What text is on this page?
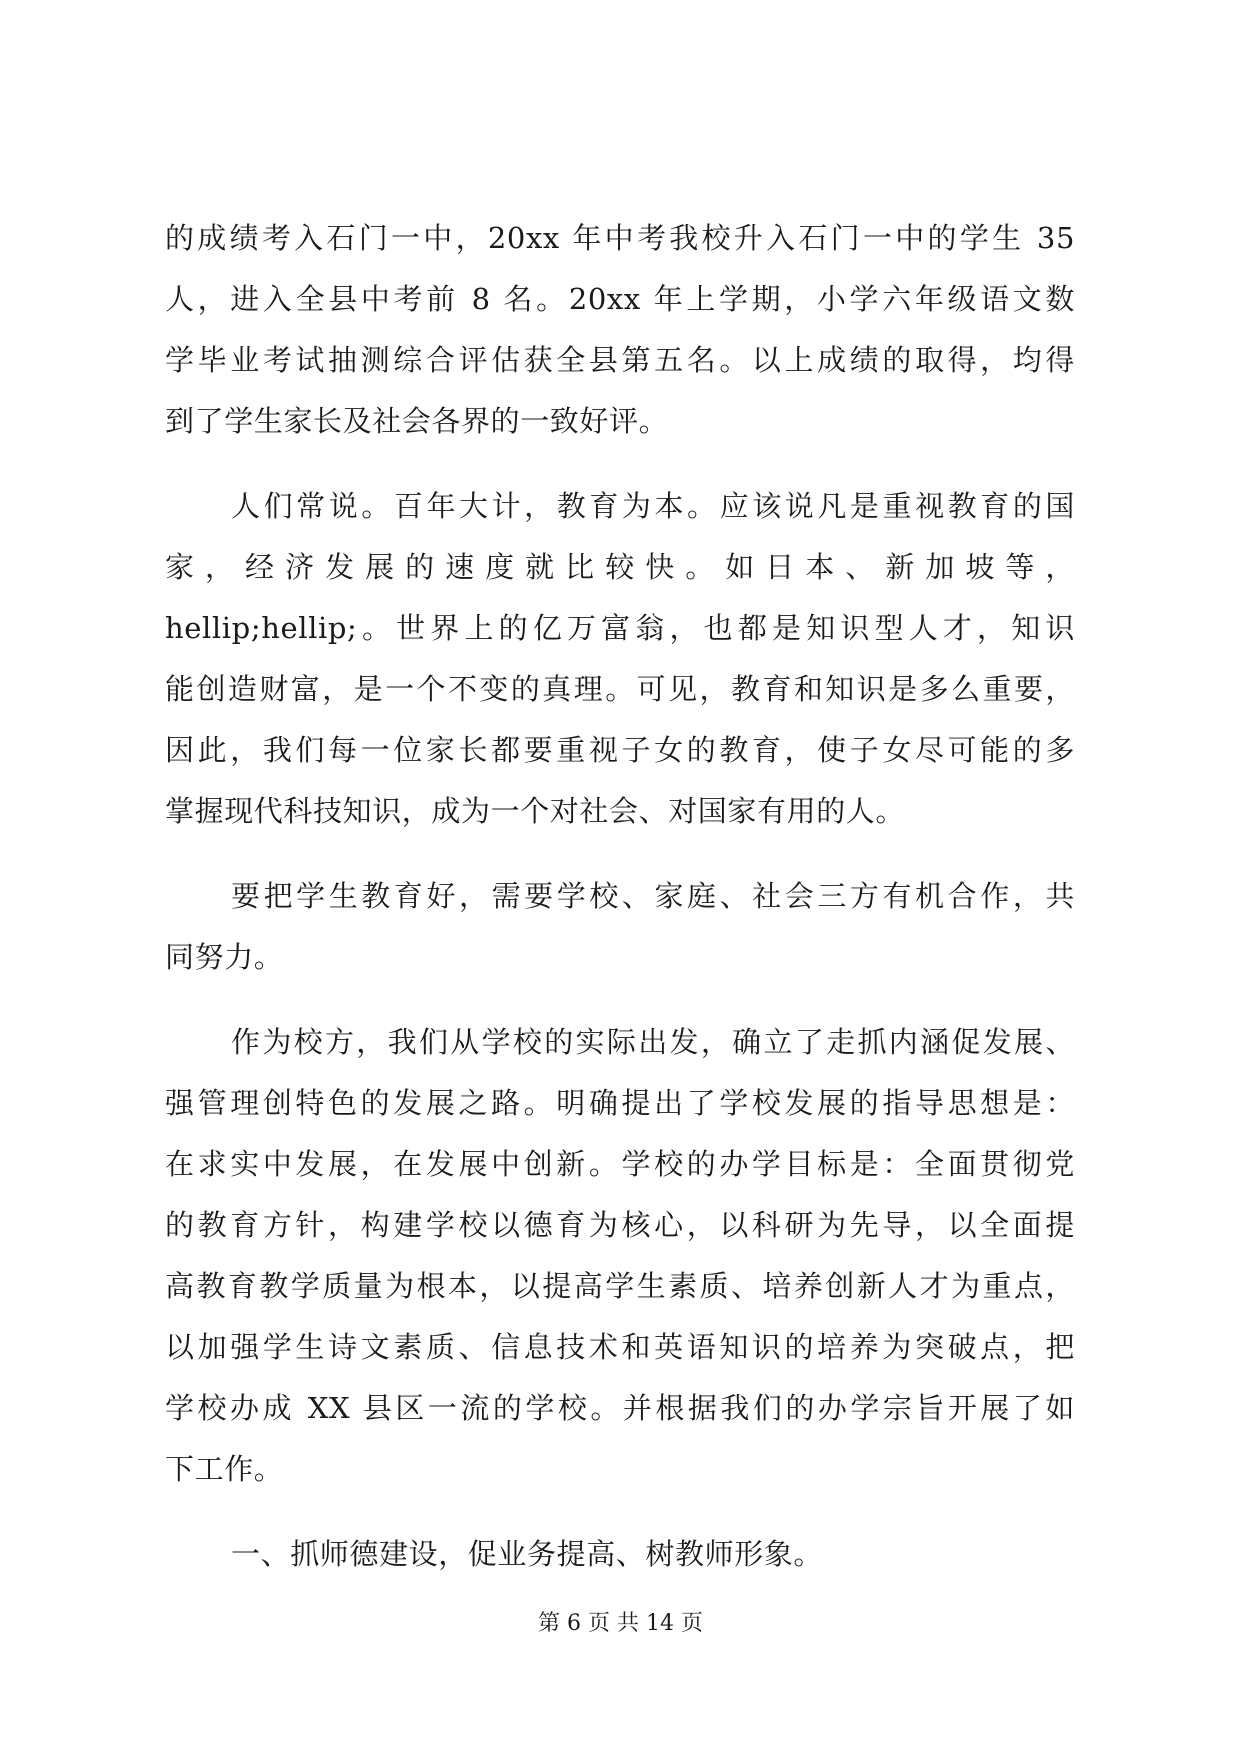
的成绩考入石门一中，20xx 年中考我校升入石门一中的学生 35
人，进入全县中考前 8 名。20xx 年上学期，小学六年级语文数
学毕业考试抽测综合评估获全县第五名。以上成绩的取得，均得
到了学生家长及社会各界的一致好评。
人们常说。百年大计，教育为本。应该说凡是重视教育的国
家，经济发展的速度就比较快。如日本、新加坡等，
hellip;hellip;。世界上的亿万富翁，也都是知识型人才，知识
能创造财富，是一个不变的真理。可见，教育和知识是多么重要，
因此，我们每一位家长都要重视子女的教育，使子女尽可能的多
掌握现代科技知识，成为一个对社会、对国家有用的人。
要把学生教育好，需要学校、家庭、社会三方有机合作，共
同努力。
作为校方，我们从学校的实际出发，确立了走抓内涵促发展、
强管理创特色的发展之路。明确提出了学校发展的指导思想是：
在求实中发展，在发展中创新。学校的办学目标是：全面贯彻党
的教育方针，构建学校以德育为核心，以科研为先导，以全面提
高教育教学质量为根本，以提高学生素质、培养创新人才为重点，
以加强学生诗文素质、信息技术和英语知识的培养为突破点，把
学校办成 XX 县区一流的学校。并根据我们的办学宗旨开展了如
下工作。
一、抓师德建设，促业务提高、树教师形象。
第 6 页 共 14 页
